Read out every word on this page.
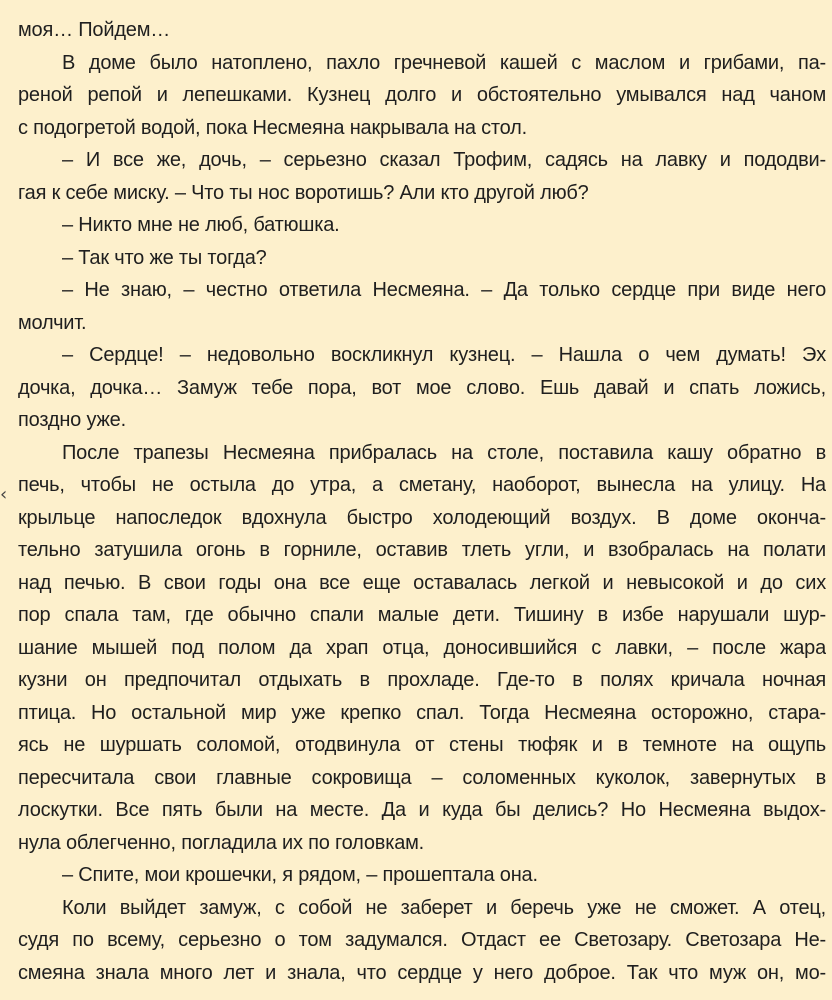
‹
моя… Пойдем…
В доме было натоплено, пахло гречневой кашей с маслом и грибами, па-
реной репой и лепешками. Кузнец долго и обстоятельно умывался над чаном
с подогретой водой, пока Несмеяна накрывала на стол.
– И все же, дочь, – серьезно сказал Трофим, садясь на лавку и пододви-
гая к себе миску. – Что ты нос воротишь? Али кто другой люб?
– Никто мне не люб, батюшка.
– Так что же ты тогда?
– Не знаю, – честно ответила Несмеяна. – Да только сердце при виде него
молчит.
– Сердце! – недовольно воскликнул кузнец. – Нашла о чем думать! Эх
дочка, дочка… Замуж тебе пора, вот мое слово. Ешь давай и спать ложись,
поздно уже.
После трапезы Несмеяна прибралась на столе, поставила кашу обратно в
печь, чтобы не остыла до утра, а сметану, наоборот, вынесла на улицу. На
крыльце напоследок вдохнула быстро холодеющий воздух. В доме оконча-
тельно затушила огонь в горниле, оставив тлеть угли, и взобралась на полати
над печью. В свои годы она все еще оставалась легкой и невысокой и до сих
пор спала там, где обычно спали малые дети. Тишину в избе нарушали шур-
шание мышей под полом да храп отца, доносившийся с лавки, – после жара
кузни он предпочитал отдыхать в прохладе. Где-то в полях кричала ночная
птица. Но остальной мир уже крепко спал. Тогда Несмеяна осторожно, стара-
ясь не шуршать соломой, отодвинула от стены тюфяк и в темноте на ощупь
пересчитала свои главные сокровища – соломенных куколок, завернутых в
лоскутки. Все пять были на месте. Да и куда бы делись? Но Несмеяна выдох-
нула облегченно, погладила их по головкам.
– Спите, мои крошечки, я рядом, – прошептала она.
Коли выйдет замуж, с собой не заберет и беречь уже не сможет. А отец,
судя по всему, серьезно о том задумался. Отдаст ее Светозару. Светозара Не-
смеяна знала много лет и знала, что сердце у него доброе. Так что муж он, мо-
